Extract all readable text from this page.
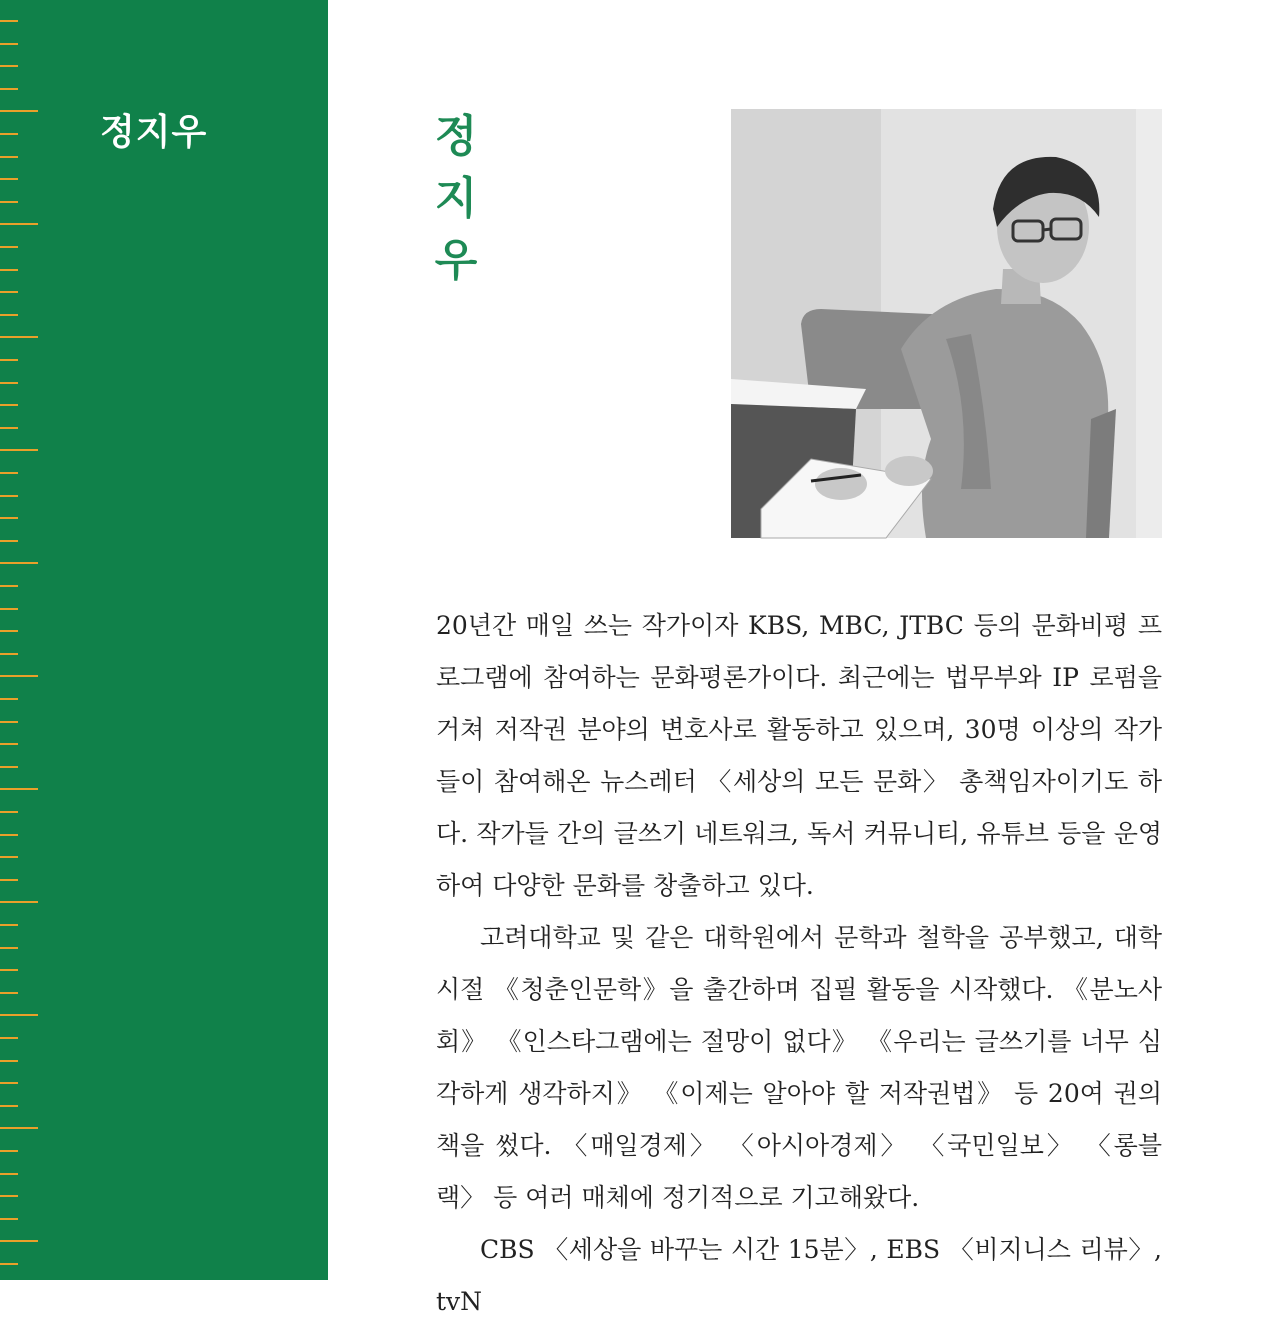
정지우	정
지
우

20년간 매일 쓰는 작가이자 KBS, MBC, JTBC 등의 문화비평 프로그램에 참여하는 문화평론가이다. 최근에는 법무부와 IP 로펌을 거쳐 저작권 분야의 변호사로 활동하고 있으며, 30명 이상의 작가들이 참여해온 뉴스레터 〈세상의 모든 문화〉 총책임자이기도 하다. 작가들 간의 글쓰기 네트워크, 독서 커뮤니티, 유튜브 등을 운영하여 다양한 문화를 창출하고 있다.

고려대학교 및 같은 대학원에서 문학과 철학을 공부했고, 대학 시절 《청춘인문학》을 출간하며 집필 활동을 시작했다. 《분노사회》 《인스타그램에는 절망이 없다》 《우리는 글쓰기를 너무 심각하게 생각하지》 《이제는 알아야 할 저작권법》 등 20여 권의 책을 썼다. 〈매일경제〉 〈아시아경제〉 〈국민일보〉 〈롱블랙〉 등 여러 매체에 정기적으로 기고해왔다.

CBS 〈세상을 바꾸는 시간 15분〉, EBS 〈비지니스 리뷰〉, tvN
